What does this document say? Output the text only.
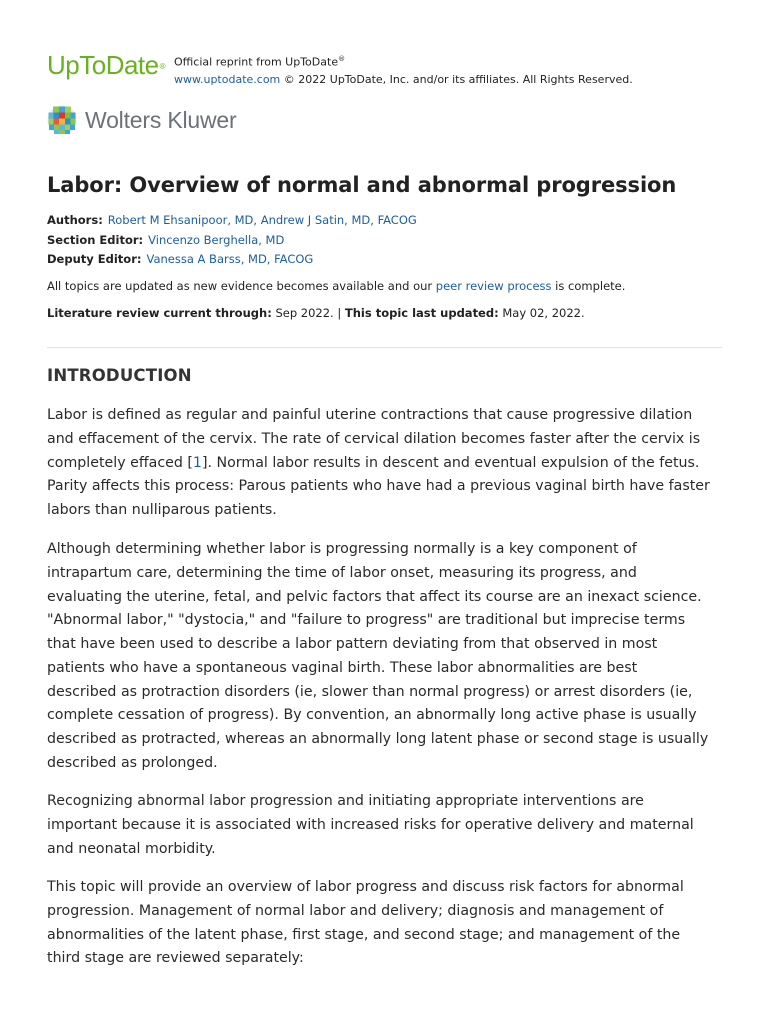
UpToDate® Official reprint from UpToDate®
www.uptodate.com © 2022 UpToDate, Inc. and/or its affiliates. All Rights Reserved.
Wolters Kluwer
Labor: Overview of normal and abnormal progression
Authors: Robert M Ehsanipoor, MD, Andrew J Satin, MD, FACOG
Section Editor: Vincenzo Berghella, MD
Deputy Editor: Vanessa A Barss, MD, FACOG
All topics are updated as new evidence becomes available and our peer review process is complete.
Literature review current through: Sep 2022. | This topic last updated: May 02, 2022.
INTRODUCTION
Labor is defined as regular and painful uterine contractions that cause progressive dilation
and effacement of the cervix. The rate of cervical dilation becomes faster after the cervix is
completely effaced [1]. Normal labor results in descent and eventual expulsion of the fetus.
Parity affects this process: Parous patients who have had a previous vaginal birth have faster
labors than nulliparous patients.
Although determining whether labor is progressing normally is a key component of
intrapartum care, determining the time of labor onset, measuring its progress, and
evaluating the uterine, fetal, and pelvic factors that affect its course are an inexact science.
"Abnormal labor," "dystocia," and "failure to progress" are traditional but imprecise terms
that have been used to describe a labor pattern deviating from that observed in most
patients who have a spontaneous vaginal birth. These labor abnormalities are best
described as protraction disorders (ie, slower than normal progress) or arrest disorders (ie,
complete cessation of progress). By convention, an abnormally long active phase is usually
described as protracted, whereas an abnormally long latent phase or second stage is usually
described as prolonged.
Recognizing abnormal labor progression and initiating appropriate interventions are
important because it is associated with increased risks for operative delivery and maternal
and neonatal morbidity.
This topic will provide an overview of labor progress and discuss risk factors for abnormal
progression. Management of normal labor and delivery; diagnosis and management of
abnormalities of the latent phase, first stage, and second stage; and management of the
third stage are reviewed separately:
